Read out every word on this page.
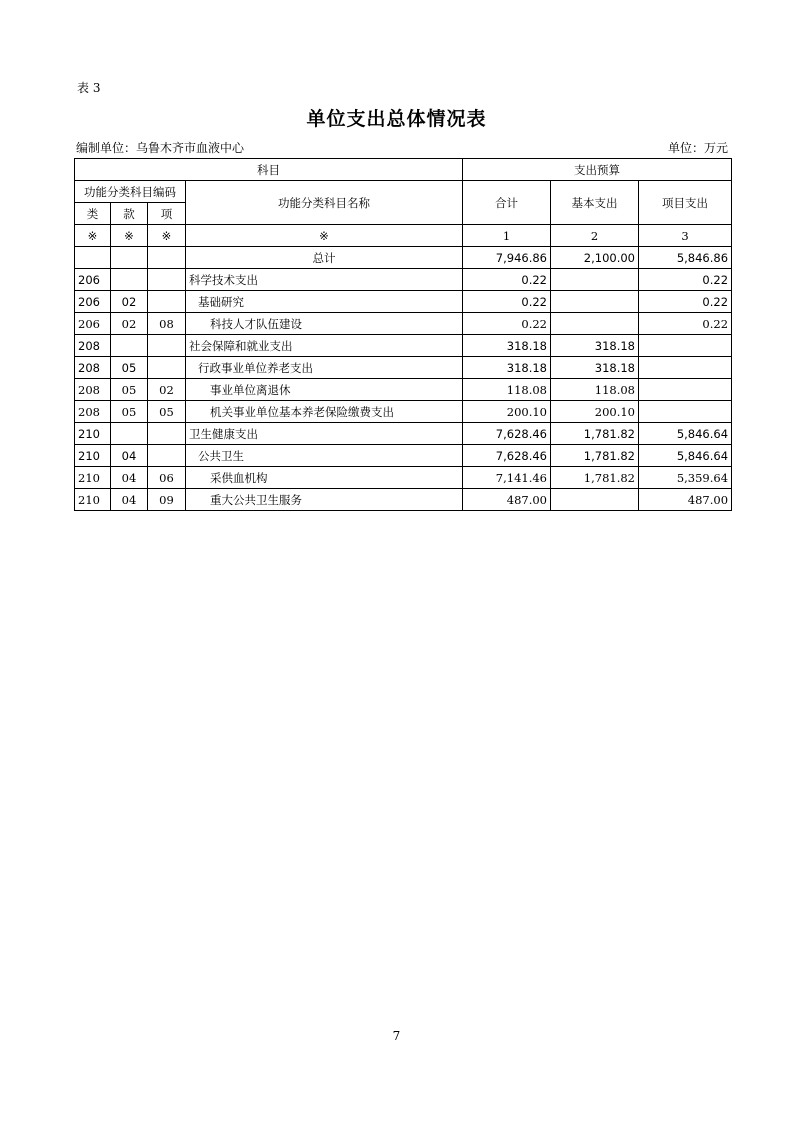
表 3
单位支出总体情况表
编制单位：乌鲁木齐市血液中心	单位：万元
科目				支出预算		
功能分类科目编码			功能分类科目名称	合计	基本支出	项目支出
类	款	项				
※	※	※	※	1	2	3
			总计	7,946.86	2,100.00	5,846.86
206			科学技术支出	0.22		0.22
206	02		基础研究	0.22		0.22
206	02	08	科技人才队伍建设	0.22		0.22
208			社会保障和就业支出	318.18	318.18	
208	05		行政事业单位养老支出	318.18	318.18	
208	05	02	事业单位离退休	118.08	118.08	
208	05	05	机关事业单位基本养老保险缴费支出	200.10	200.10	
210			卫生健康支出	7,628.46	1,781.82	5,846.64
210	04		公共卫生	7,628.46	1,781.82	5,846.64
210	04	06	采供血机构	7,141.46	1,781.82	5,359.64
210	04	09	重大公共卫生服务	487.00		487.00
7
